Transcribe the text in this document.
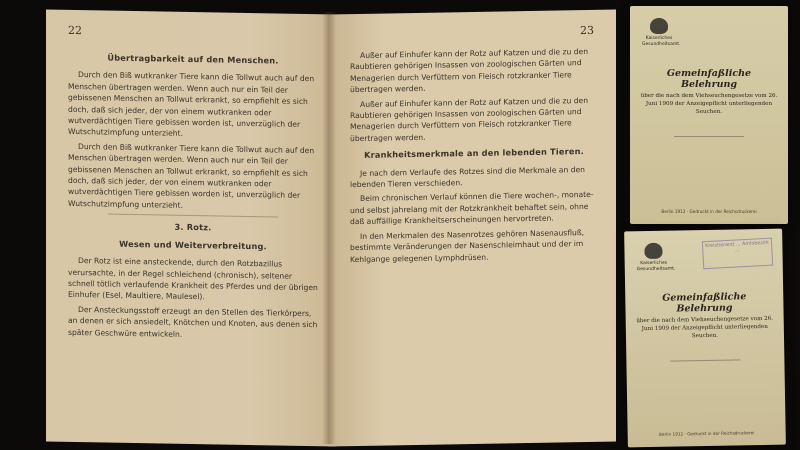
22
Übertragbarkeit auf den Menschen.
Durch den Biß wutkranker Tiere kann die Tollwut auch auf den Menschen übertragen werden. Wenn auch nur ein Teil der gebissenen Menschen an Tollwut erkrankt, so empfiehlt es sich doch, daß sich jeder, der von einem wutkranken oder wutverdächtigen Tiere gebissen worden ist, unverzüglich der Wutschutzimpfung unterzieht.
Durch den Biß wutkranker Tiere kann die Tollwut auch auf den Menschen übertragen werden. Wenn auch nur ein Teil der gebissenen Menschen an Tollwut erkrankt, so empfiehlt es sich doch, daß sich jeder, der von einem wutkranken oder wutverdächtigen Tiere gebissen worden ist, unverzüglich der Wutschutzimpfung unterzieht.
3. Rotz.
Wesen und Weiterverbreitung.
Der Rotz ist eine ansteckende, durch den Rotzbazillus verursachte, in der Regel schleichend (chronisch), seltener schnell tötlich verlaufende Krankheit des Pferdes und der übrigen Einhufer (Esel, Maultiere, Maulesel).
Der Ansteckungsstoff erzeugt an den Stellen des Tierkörpers, an denen er sich ansiedelt, Knötchen und Knoten, aus denen sich später Geschwüre entwickeln.
23
Außer auf Einhufer kann der Rotz auf Katzen und die zu den Raubtieren gehörigen Insassen von zoologischen Gärten und Menagerien durch Verfüttern von Fleisch rotzkranker Tiere übertragen werden.
Außer auf Einhufer kann der Rotz auf Katzen und die zu den Raubtieren gehörigen Insassen von zoologischen Gärten und Menagerien durch Verfüttern von Fleisch rotzkranker Tiere übertragen werden.
Krankheitsmerkmale an den lebenden Tieren.
Je nach dem Verlaufe des Rotzes sind die Merkmale an den lebenden Tieren verschieden.
Beim chronischen Verlauf können die Tiere wochen-, monate- und selbst jahrelang mit der Rotzkrankheit behaftet sein, ohne daß auffällige Krankheitserscheinungen hervortreten.
In den Merkmalen des Nasenrotzes gehören Nasenausfluß, bestimmte Veränderungen der Nasenschleimhaut und der im Kehlgange gelegenen Lymphdrüsen.
Kaiserliches Gesundheitsamt.
Gemeinfaßliche Belehrung
über die nach dem Viehseuchengesetze vom 26. Juni 1909 der Anzeigepflicht unterliegenden Seuchen.
Berlin 1912 · Gedruckt in der Reichsdruckerei
Kaiserliches Gesundheitsamt.
Kreistierarzt ... Amtsbezirk ...
Gemeinfaßliche Belehrung
über die nach dem Viehseuchengesetze vom 26. Juni 1909 der Anzeigepflicht unterliegenden Seuchen.
Berlin 1912 · Gedruckt in der Reichsdruckerei
